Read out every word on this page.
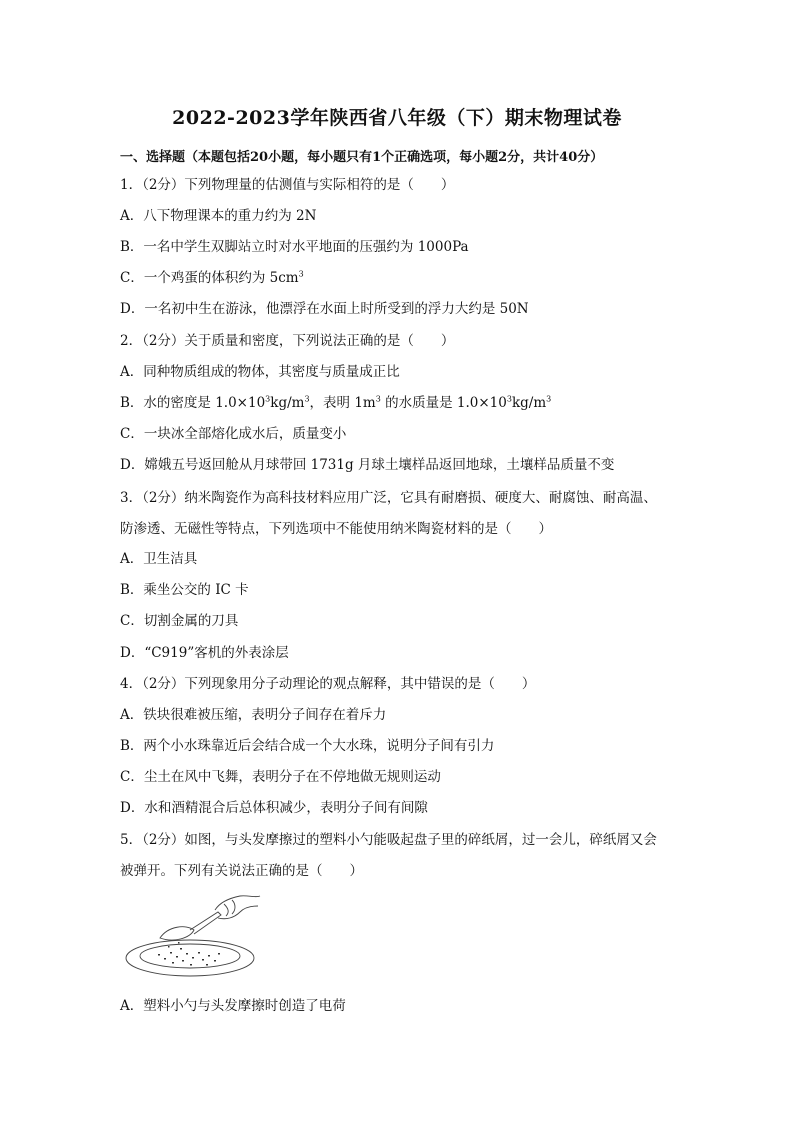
2022-2023学年陕西省八年级（下）期末物理试卷
一、选择题（本题包括20小题，每小题只有1个正确选项，每小题2分，共计40分）
1．（2分）下列物理量的估测值与实际相符的是（　　）
A．八下物理课本的重力约为 2N
B．一名中学生双脚站立时对水平地面的压强约为 1000Pa
C．一个鸡蛋的体积约为 $5cm^3$
D．一名初中生在游泳，他漂浮在水面上时所受到的浮力大约是 50N
2．（2分）关于质量和密度，下列说法正确的是（　　）
A．同种物质组成的物体，其密度与质量成正比
B．水的密度是 $1.0\times 10^3kg/m^3$，表明 $1m^3$ 的水质量是 $1.0\times 10^3kg/m^3$
C．一块冰全部熔化成水后，质量变小
D．嫦娥五号返回舱从月球带回 1731g 月球土壤样品返回地球，土壤样品质量不变
3．（2分）纳米陶瓷作为高科技材料应用广泛，它具有耐磨损、硬度大、耐腐蚀、耐高温、
防渗透、无磁性等特点，下列选项中不能使用纳米陶瓷材料的是（　　）
A．卫生洁具
B．乘坐公交的 IC 卡
C．切割金属的刀具
D．“C919”客机的外表涂层
4．（2分）下列现象用分子动理论的观点解释，其中错误的是（　　）
A．铁块很难被压缩，表明分子间存在着斥力
B．两个小水珠靠近后会结合成一个大水珠，说明分子间有引力
C．尘土在风中飞舞，表明分子在不停地做无规则运动
D．水和酒精混合后总体积减少，表明分子间有间隙
5．（2分）如图，与头发摩擦过的塑料小勺能吸起盘子里的碎纸屑，过一会儿，碎纸屑又会
被弹开。下列有关说法正确的是（　　）
A．塑料小勺与头发摩擦时创造了电荷
